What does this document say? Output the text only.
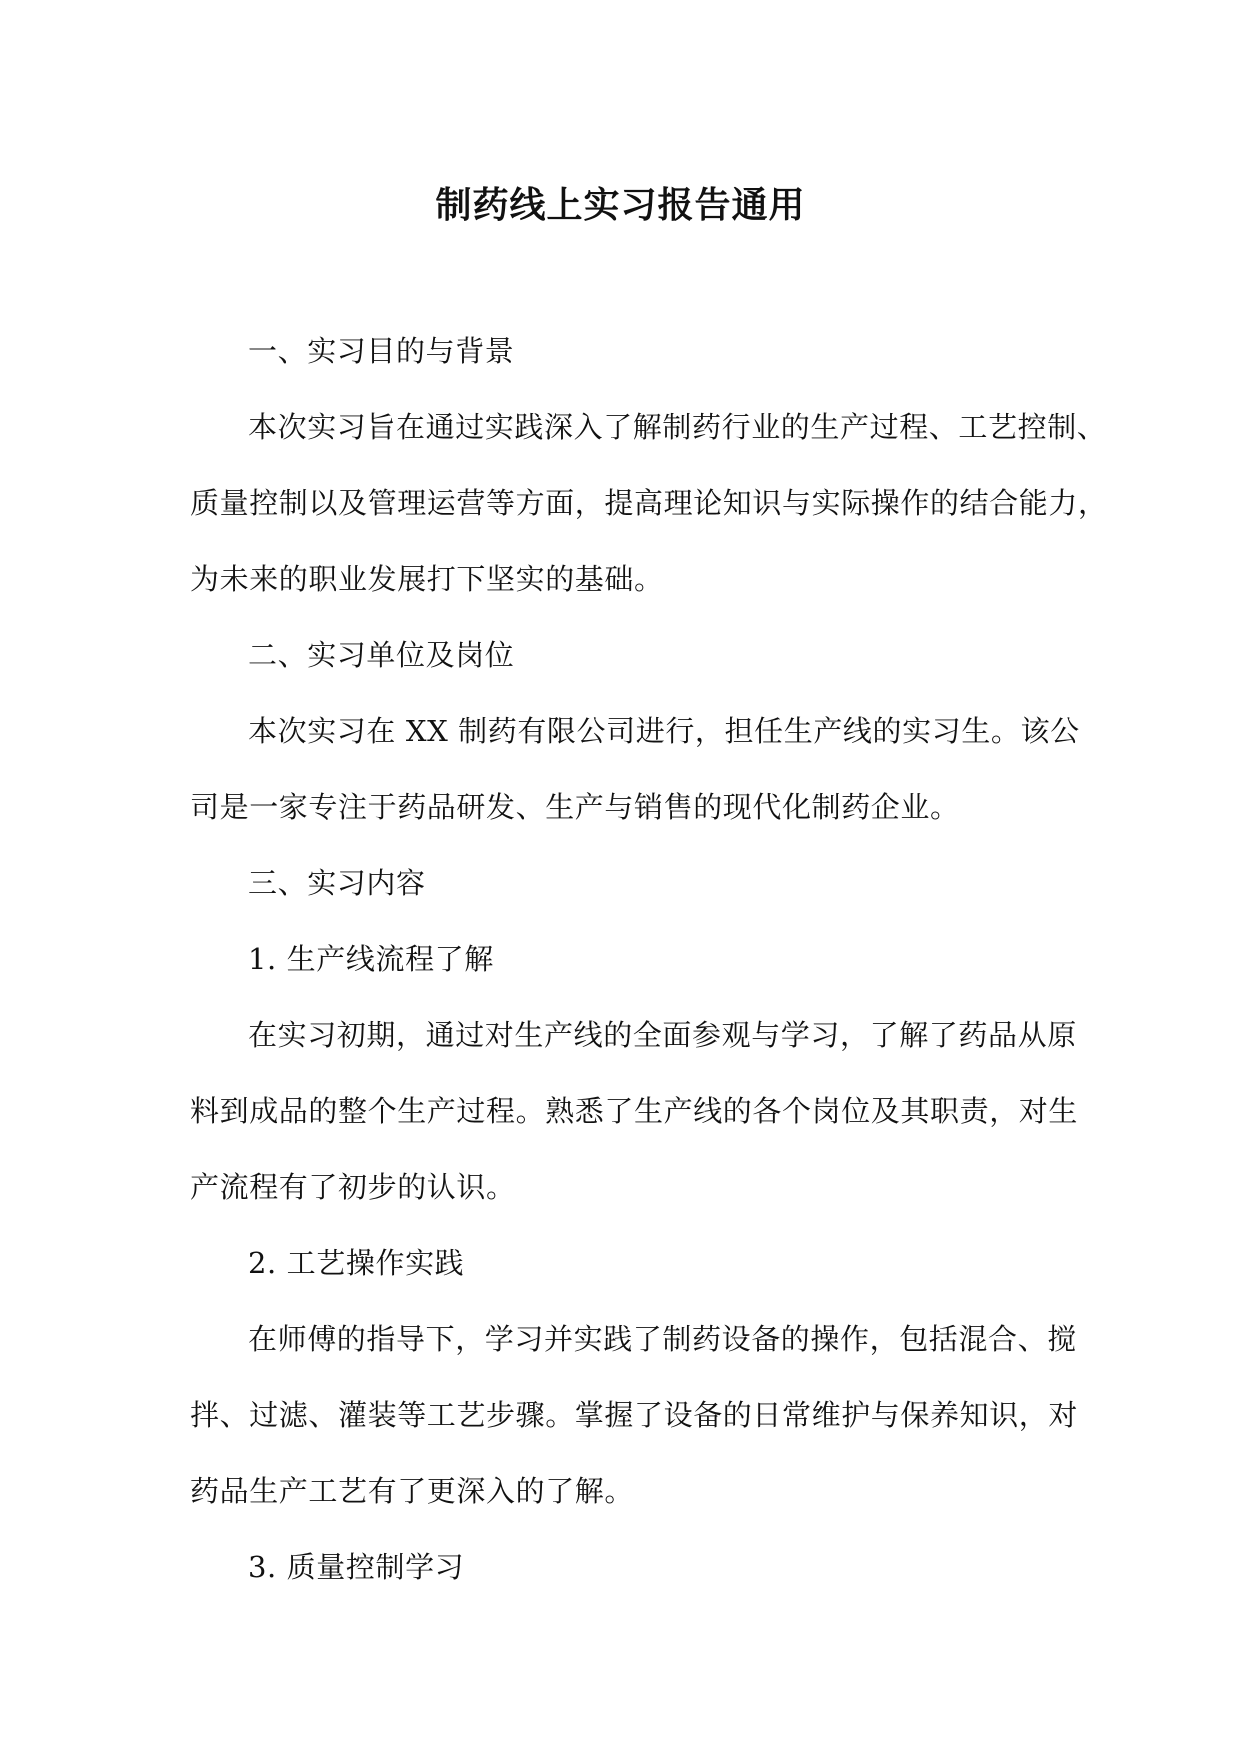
制药线上实习报告通用
一、实习目的与背景
本次实习旨在通过实践深入了解制药行业的生产过程、工艺控制、
质量控制以及管理运营等方面，提高理论知识与实际操作的结合能力，
为未来的职业发展打下坚实的基础。
二、实习单位及岗位
本次实习在 XX 制药有限公司进行，担任生产线的实习生。该公
司是一家专注于药品研发、生产与销售的现代化制药企业。
三、实习内容
1. 生产线流程了解
在实习初期，通过对生产线的全面参观与学习，了解了药品从原
料到成品的整个生产过程。熟悉了生产线的各个岗位及其职责，对生
产流程有了初步的认识。
2. 工艺操作实践
在师傅的指导下，学习并实践了制药设备的操作，包括混合、搅
拌、过滤、灌装等工艺步骤。掌握了设备的日常维护与保养知识，对
药品生产工艺有了更深入的了解。
3. 质量控制学习
